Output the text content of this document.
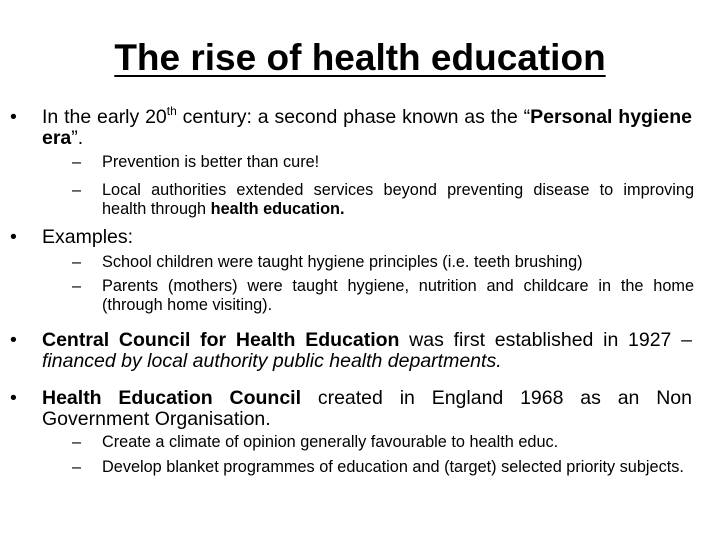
The rise of health education
• In the early 20th century: a second phase known as the “Personal hygiene era”.
– Prevention is better than cure!
– Local authorities extended services beyond preventing disease to improving health through health education.
• Examples:
– School children were taught hygiene principles (i.e. teeth brushing)
– Parents (mothers) were taught hygiene, nutrition and childcare in the home (through home visiting).
• Central Council for Health Education was first established in 1927 – financed by local authority public health departments.
• Health Education Council created in England 1968 as an Non Government Organisation.
– Create a climate of opinion generally favourable to health educ.
– Develop blanket programmes of education and (target) selected priority subjects.
